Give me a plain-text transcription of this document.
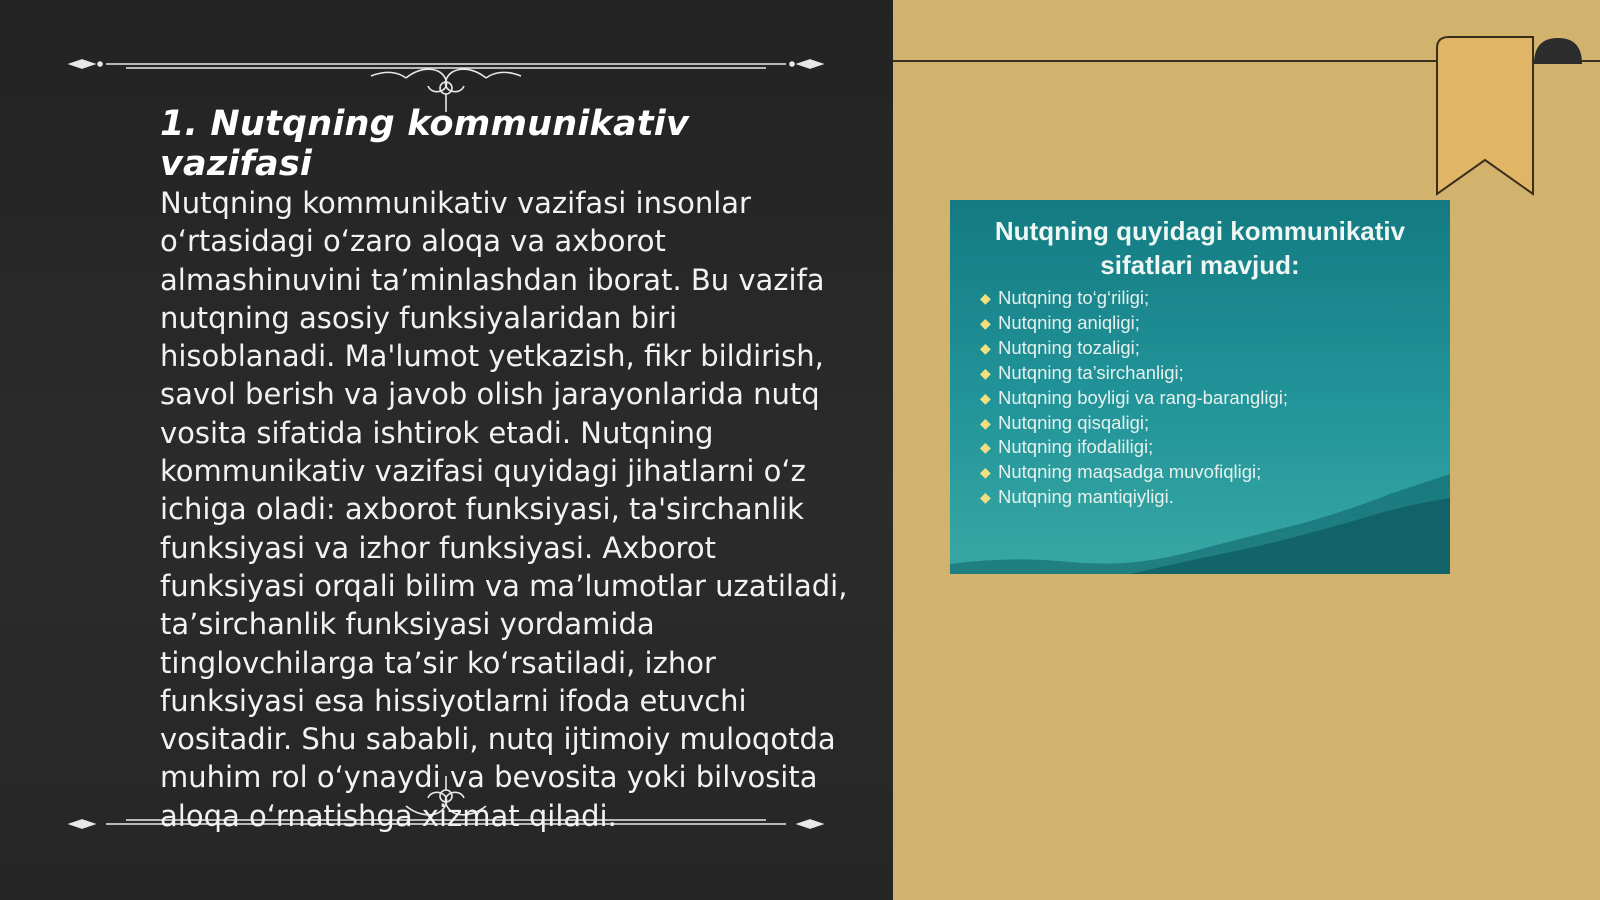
1. Nutqning kommunikativ vazifasi

Nutqning kommunikativ vazifasi insonlar o‘rtasidagi o‘zaro aloqa va axborot almashinuvini ta’minlashdan iborat. Bu vazifa nutqning asosiy funksiyalaridan biri hisoblanadi. Ma'lumot yetkazish, fikr bildirish, savol berish va javob olish jarayonlarida nutq vosita sifatida ishtirok etadi. Nutqning kommunikativ vazifasi quyidagi jihatlarni o‘z ichiga oladi: axborot funksiyasi, ta'sirchanlik funksiyasi va izhor funksiyasi. Axborot funksiyasi orqali bilim va ma’lumotlar uzatiladi, ta’sirchanlik funksiyasi yordamida tinglovchilarga ta’sir ko‘rsatiladi, izhor funksiyasi esa hissiyotlarni ifoda etuvchi vositadir. Shu sababli, nutq ijtimoiy muloqotda muhim rol o‘ynaydi va bevosita yoki bilvosita aloqa o‘rnatishga xizmat qiladi.

Nutqning quyidagi kommunikativ sifatlari mavjud:
◆ Nutqning to‘g‘riligi;
◆ Nutqning aniqligi;
◆ Nutqning tozaligi;
◆ Nutqning ta’sirchanligi;
◆ Nutqning boyligi va rang-barangligi;
◆ Nutqning qisqaligi;
◆ Nutqning ifodaliligi;
◆ Nutqning maqsadga muvofiqligi;
◆ Nutqning mantiqiyligi.
